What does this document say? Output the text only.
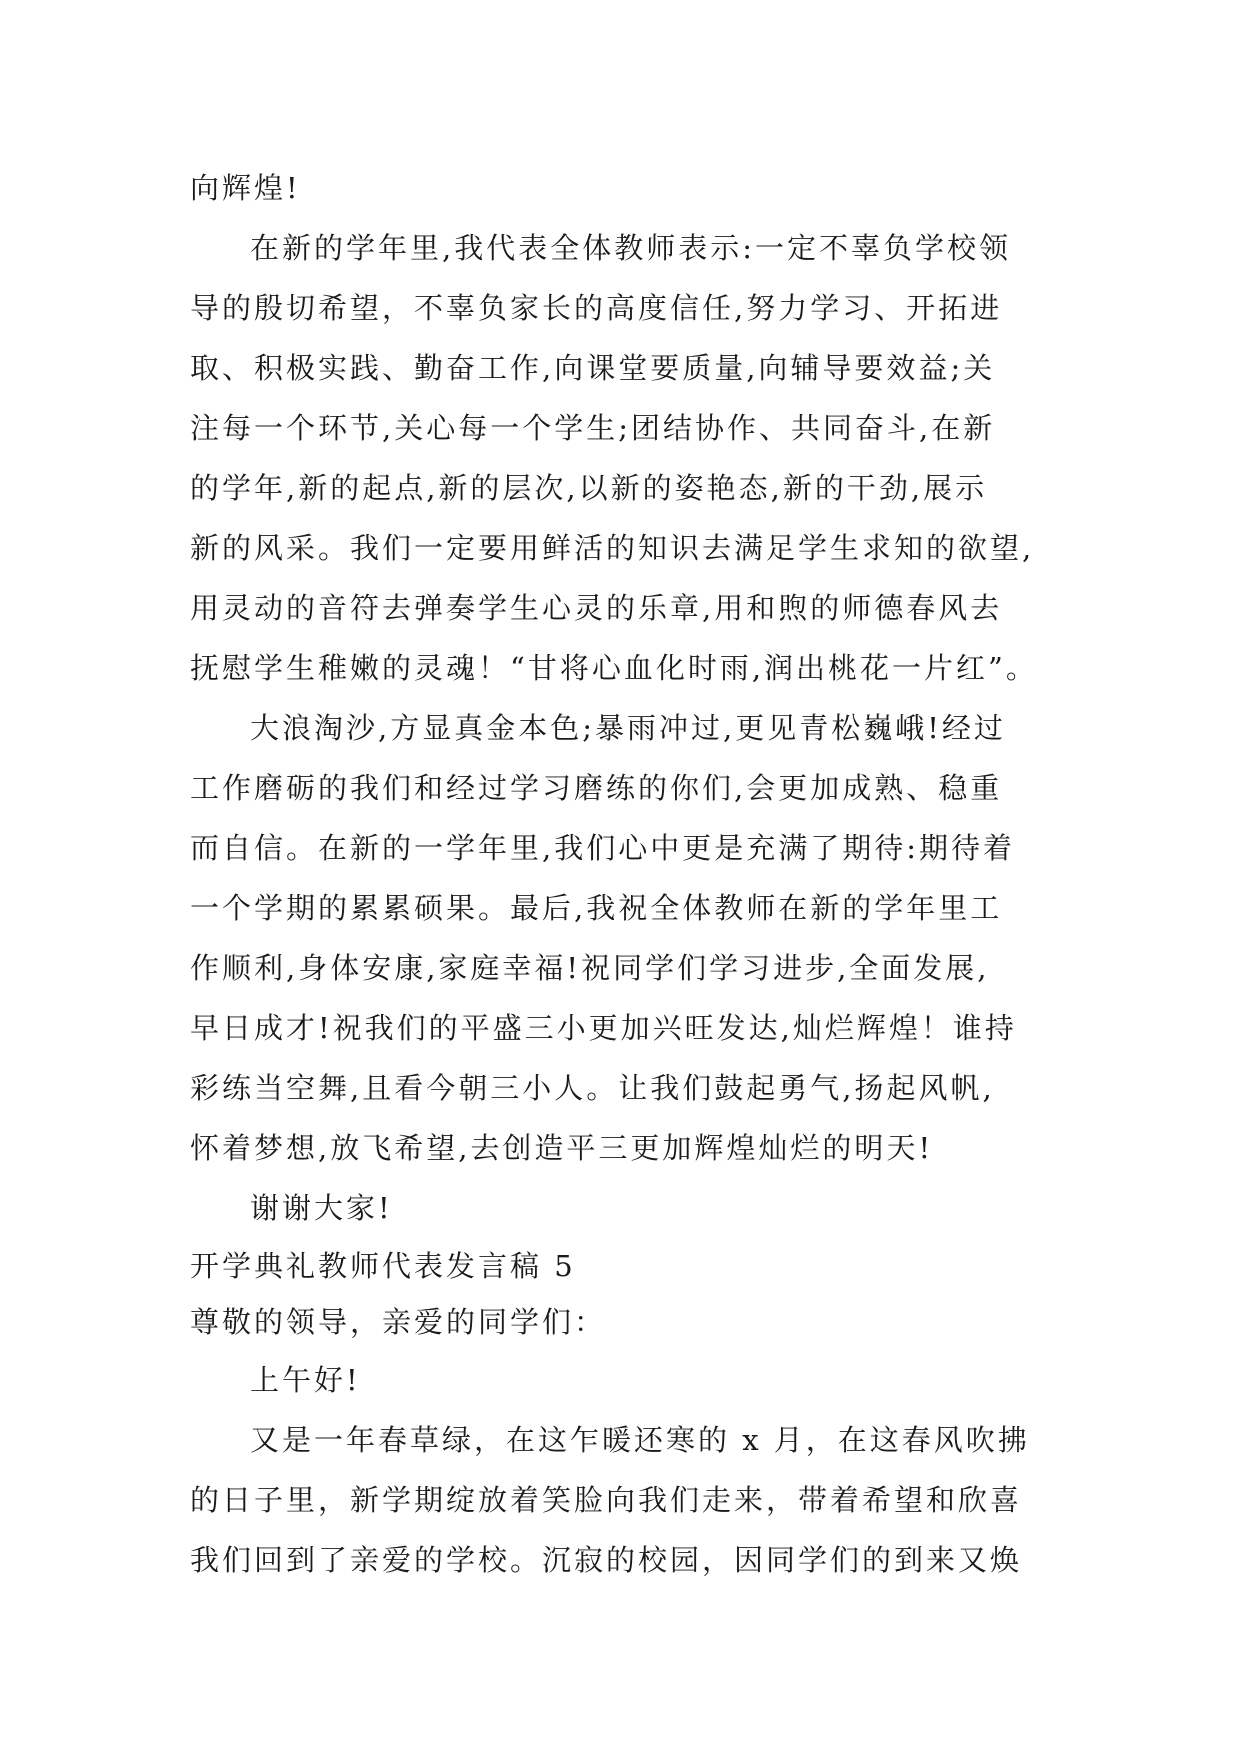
向辉煌!
在新的学年里,我代表全体教师表示:一定不辜负学校领
导的殷切希望，不辜负家长的高度信任,努力学习、开拓进
取、积极实践、勤奋工作,向课堂要质量,向辅导要效益;关
注每一个环节,关心每一个学生;团结协作、共同奋斗,在新
的学年,新的起点,新的层次,以新的姿艳态,新的干劲,展示
新的风采。我们一定要用鲜活的知识去满足学生求知的欲望,
用灵动的音符去弹奏学生心灵的乐章,用和煦的师德春风去
抚慰学生稚嫩的灵魂！“甘将心血化时雨,润出桃花一片红”。
大浪淘沙,方显真金本色;暴雨冲过,更见青松巍峨!经过
工作磨砺的我们和经过学习磨练的你们,会更加成熟、稳重
而自信。在新的一学年里,我们心中更是充满了期待:期待着
一个学期的累累硕果。最后,我祝全体教师在新的学年里工
作顺利,身体安康,家庭幸福!祝同学们学习进步,全面发展,
早日成才!祝我们的平盛三小更加兴旺发达,灿烂辉煌！谁持
彩练当空舞,且看今朝三小人。让我们鼓起勇气,扬起风帆,
怀着梦想,放飞希望,去创造平三更加辉煌灿烂的明天!
谢谢大家!
开学典礼教师代表发言稿 5
尊敬的领导，亲爱的同学们：
上午好!
又是一年春草绿，在这乍暖还寒的 x 月，在这春风吹拂
的日子里，新学期绽放着笑脸向我们走来，带着希望和欣喜
我们回到了亲爱的学校。沉寂的校园，因同学们的到来又焕
